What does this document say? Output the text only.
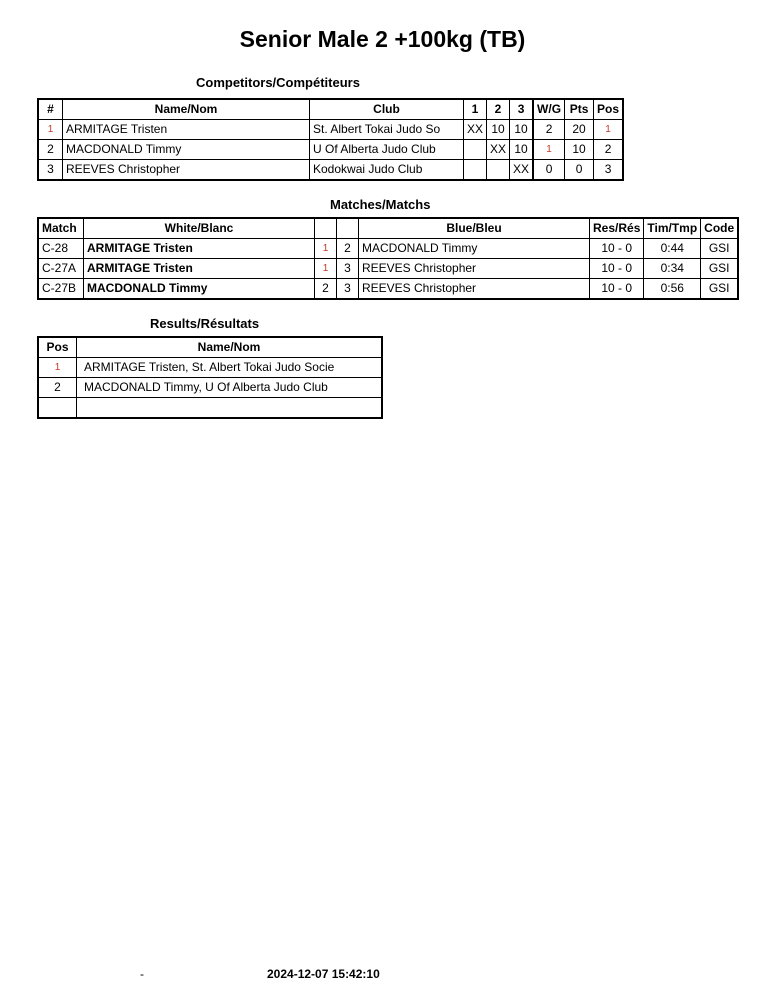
Senior Male 2 +100kg (TB)
Competitors/Compétiteurs
#	Name/Nom	Club	1	2	3	W/G	Pts	Pos
1	ARMITAGE Tristen	St. Albert Tokai Judo So	XX	10	10	2	20	1
2	MACDONALD Timmy	U Of Alberta Judo Club		XX	10	1	10	2
3	REEVES Christopher	Kodokwai Judo Club			XX	0	0	3
Matches/Matchs
Match	White/Blanc			Blue/Bleu	Res/Rés	Tim/Tmp	Code
C-28	ARMITAGE Tristen	1	2	MACDONALD Timmy	10 - 0	0:44	GSI
C-27A	ARMITAGE Tristen	1	3	REEVES Christopher	10 - 0	0:34	GSI
C-27B	MACDONALD Timmy	2	3	REEVES Christopher	10 - 0	0:56	GSI
Results/Résultats
Pos	Name/Nom
1	ARMITAGE Tristen, St. Albert Tokai Judo Socie
2	MACDONALD Timmy, U Of Alberta Judo Club

-	2024-12-07 15:42:10
